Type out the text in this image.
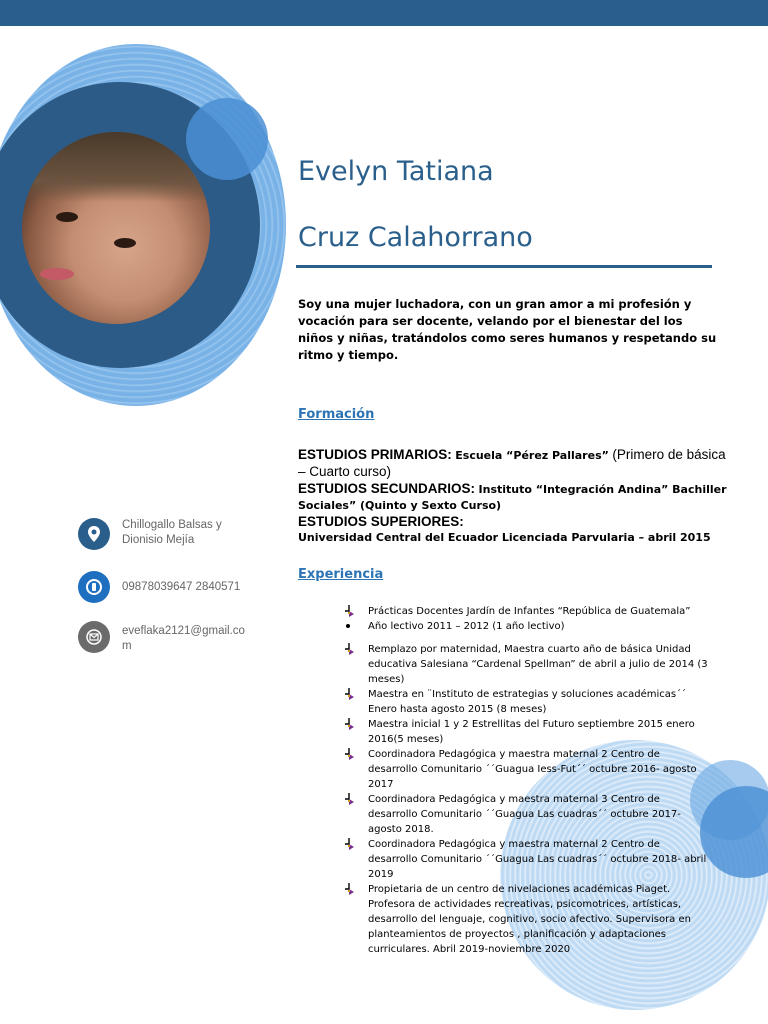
Evelyn Tatiana
Cruz Calahorrano
Soy una mujer luchadora, con un gran amor a mi profesión y vocación para ser docente, velando por el bienestar del los niños y niñas, tratándolos como seres humanos y respetando su ritmo y tiempo.
Formación
ESTUDIOS PRIMARIOS: Escuela “Pérez Pallares” (Primero de básica – Cuarto curso)
ESTUDIOS SECUNDARIOS: Instituto “Integración Andina” Bachiller Sociales” (Quinto y Sexto Curso)
ESTUDIOS SUPERIORES:
Universidad Central del Ecuador Licenciada Parvularia – abril 2015
Chillogallo Balsas y Dionisio Mejía
09878039647 2840571
eveflaka2121@gmail.com
Experiencia
Prácticas Docentes Jardín de Infantes “República de Guatemala”
Año lectivo 2011 – 2012 (1 año lectivo)
Remplazo por maternidad, Maestra cuarto año de básica Unidad educativa Salesiana “Cardenal Spellman” de abril a julio de 2014 (3 meses)
Maestra en ¨Instituto de estrategias y soluciones académicas´´ Enero hasta agosto 2015 (8 meses)
Maestra inicial 1 y 2 Estrellitas del Futuro septiembre 2015 enero 2016(5 meses)
Coordinadora Pedagógica y maestra maternal 2 Centro de desarrollo Comunitario ´´Guagua Iess-Fut´´ octubre 2016- agosto 2017
Coordinadora Pedagógica y maestra maternal 3 Centro de desarrollo Comunitario ´´Guagua Las cuadras´´ octubre 2017- agosto 2018.
Coordinadora Pedagógica y maestra maternal 2 Centro de desarrollo Comunitario ´´Guagua Las cuadras´´ octubre 2018- abril 2019
Propietaria de un centro de nivelaciones académicas Piaget. Profesora de actividades recreativas, psicomotrices, artísticas, desarrollo del lenguaje, cognitivo, socio afectivo. Supervisora en planteamientos de proyectos , planificación y adaptaciones curriculares. Abril 2019-noviembre 2020
